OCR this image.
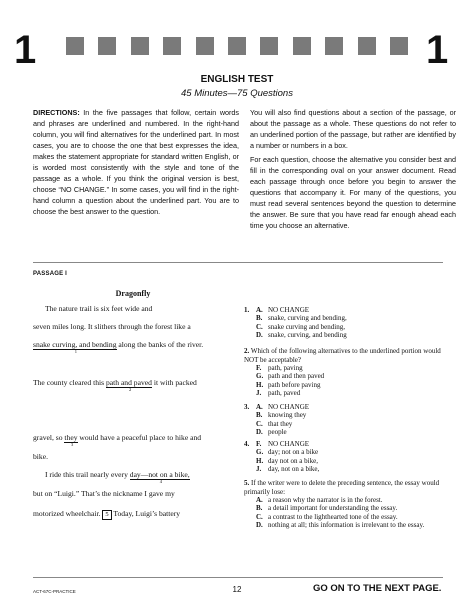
1	1
ENGLISH TEST
45 Minutes—75 Questions

DIRECTIONS: In the five passages that follow, certain words and phrases are underlined and numbered. In the right-hand column, you will find alternatives for the underlined part. In most cases, you are to choose the one that best expresses the idea, makes the statement appropriate for standard written English, or is worded most consistently with the style and tone of the passage as a whole. If you think the original version is best, choose “NO CHANGE.” In some cases, you will find in the right-hand column a question about the underlined part. You are to choose the best answer to the question.

You will also find questions about a section of the passage, or about the passage as a whole. These questions do not refer to an underlined portion of the passage, but rather are identified by a number or numbers in a box.

For each question, choose the alternative you consider best and fill in the corresponding oval on your answer document. Read each passage through once before you begin to answer the questions that accompany it. For many of the questions, you must read several sentences beyond the question to determine the answer. Be sure that you have read far enough ahead each time you choose an alternative.

PASSAGE I
Dragonfly
The nature trail is six feet wide and
seven miles long. It slithers through the forest like a
snake curving, and bending
1
along the banks of the river.
The county cleared this path and paved
2
it with packed
gravel, so they
3
would have a peaceful place to hike and
bike.
I ride this trail nearly every day—not on a bike,
4
but on “Luigi.” That’s the nickname I gave my
motorized wheelchair. 5 Today, Luigi’s battery
1. A. NO CHANGE
B. snake, curving and bending,
C. snake curving and bending,
D. snake, curving, and bending
2. Which of the following alternatives to the underlined portion would NOT be acceptable?
F. path, paving
G. path and then paved
H. path before paving
J. path, paved
3. A. NO CHANGE
B. knowing they
C. that they
D. people
4. F. NO CHANGE
G. day; not on a bike
H. day not on a bike,
J. day, not on a bike,
5. If the writer were to delete the preceding sentence, the essay would primarily lose:
A. a reason why the narrator is in the forest.
B. a detail important for understanding the essay.
C. a contrast to the lighthearted tone of the essay.
D. nothing at all; this information is irrelevant to the essay.
ACT-67C-PRACTICE	12	GO ON TO THE NEXT PAGE.
